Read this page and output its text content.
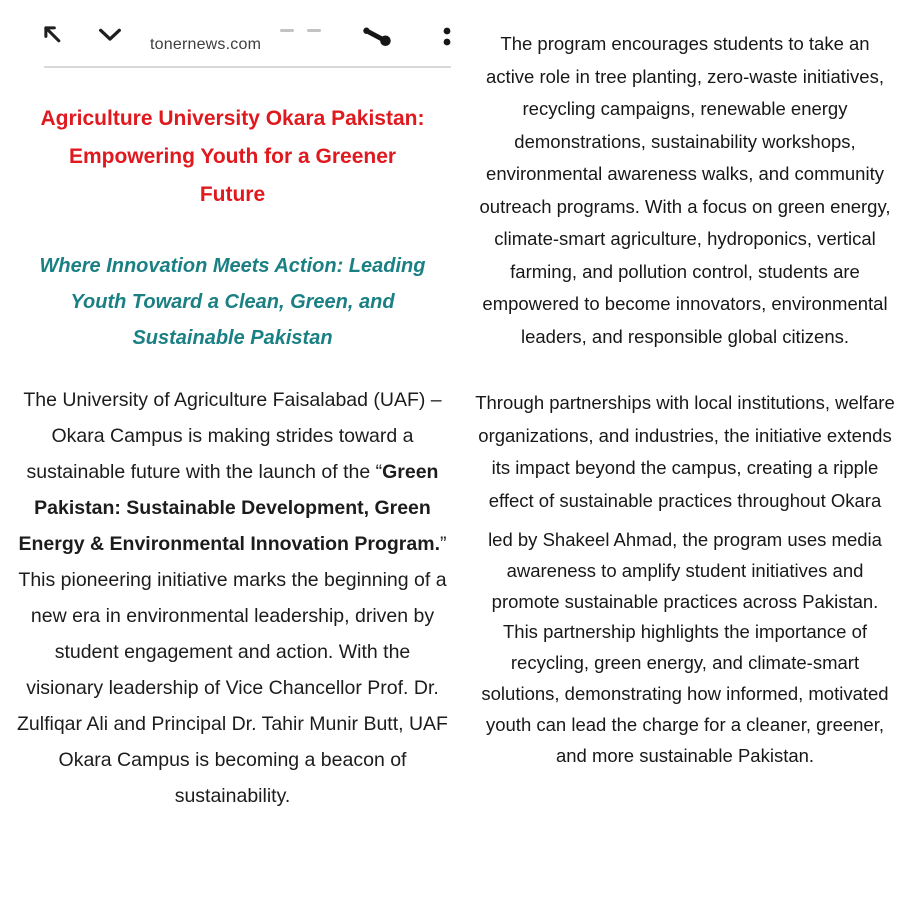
tonernews.com
Agriculture University Okara Pakistan:
Empowering Youth for a Greener
Future
Where Innovation Meets Action: Leading
Youth Toward a Clean, Green, and
Sustainable Pakistan

The University of Agriculture Faisalabad (UAF) – Okara Campus is making strides toward a sustainable future with the launch of the “Green Pakistan: Sustainable Development, Green Energy & Environmental Innovation Program.” This pioneering initiative marks the beginning of a new era in environmental leadership, driven by student engagement and action. With the visionary leadership of Vice Chancellor Prof. Dr. Zulfiqar Ali and Principal Dr. Tahir Munir Butt, UAF Okara Campus is becoming a beacon of sustainability.

The program encourages students to take an active role in tree planting, zero-waste initiatives, recycling campaigns, renewable energy demonstrations, sustainability workshops, environmental awareness walks, and community outreach programs. With a focus on green energy, climate-smart agriculture, hydroponics, vertical farming, and pollution control, students are empowered to become innovators, environmental leaders, and responsible global citizens.

Through partnerships with local institutions, welfare organizations, and industries, the initiative extends its impact beyond the campus, creating a ripple effect of sustainable practices throughout Okara

led by Shakeel Ahmad, the program uses media awareness to amplify student initiatives and promote sustainable practices across Pakistan. This partnership highlights the importance of recycling, green energy, and climate-smart solutions, demonstrating how informed, motivated youth can lead the charge for a cleaner, greener, and more sustainable Pakistan.
